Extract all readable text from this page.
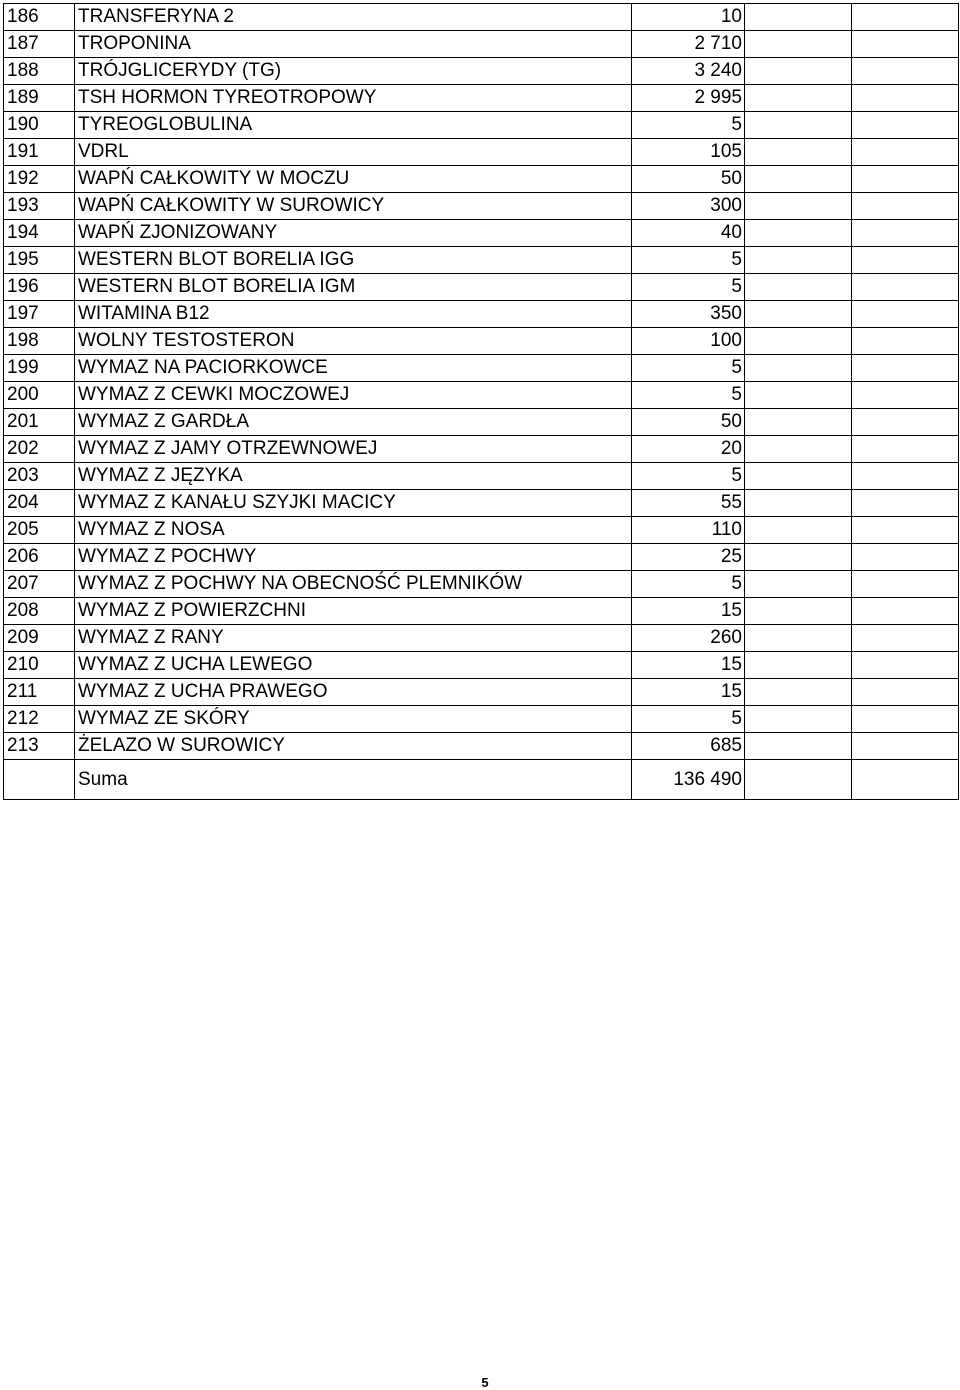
186	TRANSFERYNA 2	10		
187	TROPONINA	2 710		
188	TRÓJGLICERYDY (TG)	3 240		
189	TSH HORMON TYREOTROPOWY	2 995		
190	TYREOGLOBULINA	5		
191	VDRL	105		
192	WAPŃ CAŁKOWITY W MOCZU	50		
193	WAPŃ CAŁKOWITY W SUROWICY	300		
194	WAPŃ ZJONIZOWANY	40		
195	WESTERN BLOT BORELIA IGG	5		
196	WESTERN BLOT BORELIA IGM	5		
197	WITAMINA B12	350		
198	WOLNY TESTOSTERON	100		
199	WYMAZ NA PACIORKOWCE	5		
200	WYMAZ Z CEWKI MOCZOWEJ	5		
201	WYMAZ Z GARDŁA	50		
202	WYMAZ Z JAMY OTRZEWNOWEJ	20		
203	WYMAZ Z JĘZYKA	5		
204	WYMAZ Z KANAŁU SZYJKI MACICY	55		
205	WYMAZ Z NOSA	110		
206	WYMAZ Z POCHWY	25		
207	WYMAZ Z POCHWY NA OBECNOŚĆ PLEMNIKÓW	5		
208	WYMAZ Z POWIERZCHNI	15		
209	WYMAZ Z RANY	260		
210	WYMAZ Z UCHA LEWEGO	15		
211	WYMAZ Z UCHA PRAWEGO	15		
212	WYMAZ ZE SKÓRY	5		
213	ŻELAZO W SUROWICY	685		
	Suma	136 490		
5
